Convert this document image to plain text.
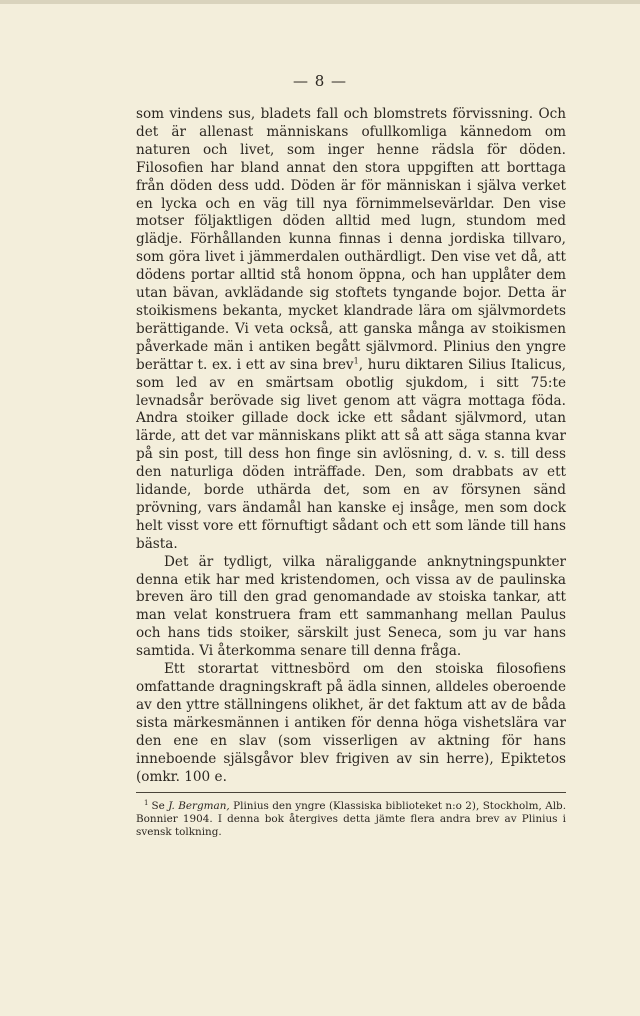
— 8 —

som vindens sus, bladets fall och blomstrets förvissning. Och det är allenast människans ofullkomliga kännedom om naturen och livet, som inger henne rädsla för döden. Filosofien har bland annat den stora uppgiften att borttaga från döden dess udd. Döden är för människan i själva verket en lycka och en väg till nya förnimmelsevärldar. Den vise motser följaktligen döden alltid med lugn, stundom med glädje. Förhållanden kunna finnas i denna jordiska tillvaro, som göra livet i jämmerdalen outhärdligt. Den vise vet då, att dödens portar alltid stå honom öppna, och han upplåter dem utan bävan, avklädande sig stoftets tyngande bojor. Detta är stoikismens bekanta, mycket klandrade lära om självmordets berättigande. Vi veta också, att ganska många av stoikismen påverkade män i antiken begått självmord. Plinius den yngre berättar t. ex. i ett av sina brev$^1$, huru diktaren Silius Italicus, som led av en smärtsam obotlig sjukdom, i sitt 75:te levnadsår berövade sig livet genom att vägra mottaga föda. Andra stoiker gillade dock icke ett sådant självmord, utan lärde, att det var människans plikt att så att säga stanna kvar på sin post, till dess hon finge sin avlösning, d. v. s. till dess den naturliga döden inträffade. Den, som drabbats av ett lidande, borde uthärda det, som en av försynen sänd prövning, vars ändamål han kanske ej insåge, men som dock helt visst vore ett förnuftigt sådant och ett som lände till hans bästa.

Det är tydligt, vilka näraliggande anknytningspunkter denna etik har med kristendomen, och vissa av de paulinska breven äro till den grad genomandade av stoiska tankar, att man velat konstruera fram ett sammanhang mellan Paulus och hans tids stoiker, särskilt just Seneca, som ju var hans samtida. Vi återkomma senare till denna fråga.

Ett storartat vittnesbörd om den stoiska filosofiens omfattande dragningskraft på ädla sinnen, alldeles oberoende av den yttre ställningens olikhet, är det faktum att av de båda sista märkesmännen i antiken för denna höga vishetslära var den ene en slav (som visserligen av aktning för hans inneboende själsgåvor blev frigiven av sin herre), Epiktetos (omkr. 100 e.

$^1$ Se J. Bergman, Plinius den yngre (Klassiska biblioteket n:o 2), Stockholm, Alb. Bonnier 1904. I denna bok återgives detta jämte flera andra brev av Plinius i svensk tolkning.
